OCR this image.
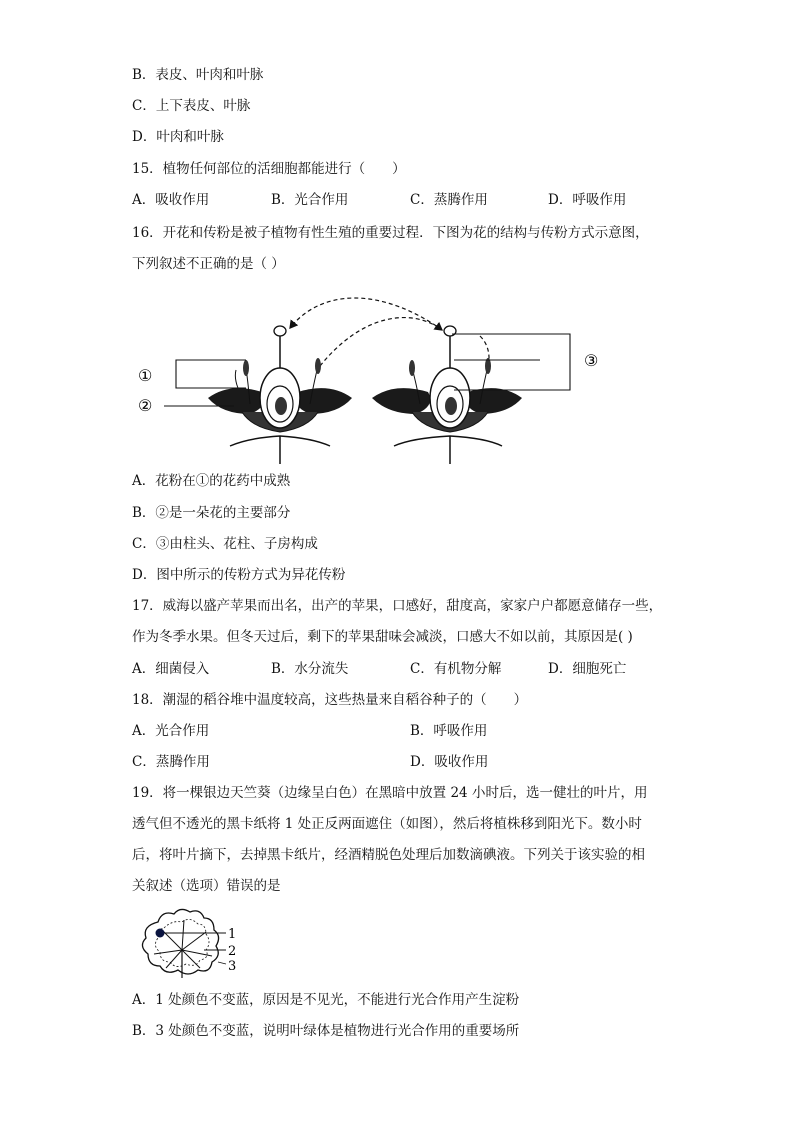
B．表皮、叶肉和叶脉
C．上下表皮、叶脉
D．叶肉和叶脉
15．植物任何部位的活细胞都能进行（　　）
A．吸收作用	B．光合作用	C．蒸腾作用	D．呼吸作用
16．开花和传粉是被子植物有性生殖的重要过程．下图为花的结构与传粉方式示意图，
下列叙述不正确的是（ ）
①
②
③
A．花粉在①的花药中成熟
B．②是一朵花的主要部分
C．③由柱头、花柱、子房构成
D．图中所示的传粉方式为异花传粉
17．威海以盛产苹果而出名，出产的苹果，口感好，甜度高，家家户户都愿意储存一些，
作为冬季水果。但冬天过后，剩下的苹果甜味会减淡，口感大不如以前，其原因是( )
A．细菌侵入	B．水分流失	C．有机物分解	D．细胞死亡
18．潮湿的稻谷堆中温度较高，这些热量来自稻谷种子的（　　）
A．光合作用	B．呼吸作用
C．蒸腾作用	D．吸收作用
19．将一棵银边天竺葵（边缘呈白色）在黑暗中放置 24 小时后，选一健壮的叶片，用
透气但不透光的黑卡纸将 1 处正反两面遮住（如图），然后将植株移到阳光下。数小时
后，将叶片摘下，去掉黑卡纸片，经酒精脱色处理后加数滴碘液。下列关于该实验的相
关叙述（选项）错误的是
1
2
3
A．1 处颜色不变蓝，原因是不见光，不能进行光合作用产生淀粉
B．3 处颜色不变蓝，说明叶绿体是植物进行光合作用的重要场所
